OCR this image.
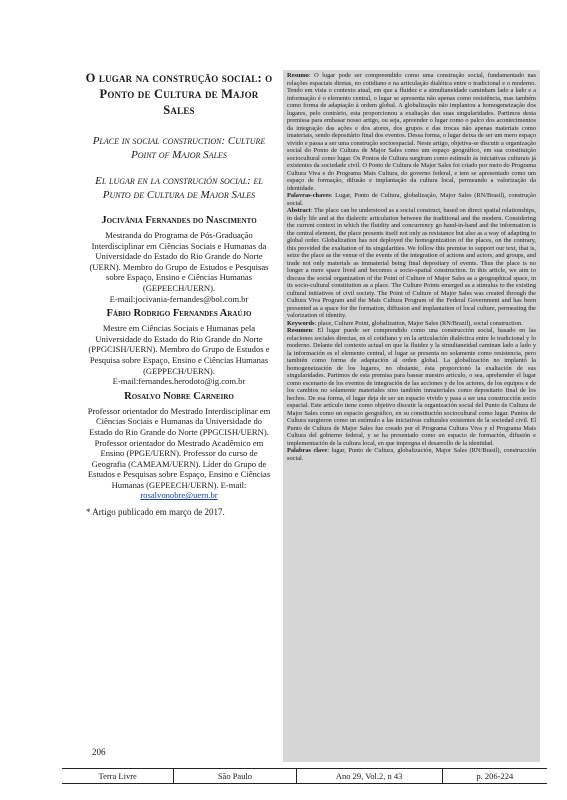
O lugar na construção social: o Ponto de Cultura de Major Sales
Place in social construction: Culture Point of Major Sales
El lugar en la construción social: el Punto de Cultura de Major Sales
Jocivânia Fernandes do Nascimento

Mestranda do Programa de Pós-Graduação Interdisciplinar em Ciências Sociais e Humanas da Universidade do Estado do Rio Grande do Norte (UERN). Membro do Grupo de Estudos e Pesquisas sobre Espaço, Ensino e Ciências Humanas (GEPEECH/UERN).

E-mail:jocivania-fernandes@bol.com.br

Fábio Rodrigo Fernandes Araújo

Mestre em Ciências Sociais e Humanas pela Universidade do Estado do Rio Grande do Norte (PPGCISH/UERN). Membro do Grupo de Estudos e Pesquisa sobre Espaço, Ensino e Ciências Humanas (GEPPECH/UERN).

E-mail:fernandes.herodoto@ig.com.br

Rosalvo Nobre Carneiro

Professor orientador do Mestrado Interdisciplinar em Ciências Sociais e Humanas da Universidade do Estado do Rio Grande do Norte (PPGCISH/UERN). Professor orientador do Mestrado Acadêmico em Ensino (PPGE/UERN). Professor do curso de Geografia (CAMEAM/UERN). Líder do Grupo de Estudos e Pesquisas sobre Espaço, Ensino e Ciências Humanas (GEPEECH/UERN). E-mail:

rosalvonobre@uern.br

* Artigo publicado em março de 2017.

206

Resumo: O lugar pode ser compreendido como uma construção social, fundamentado nas relações espaciais diretas, no cotidiano e na articulação dialética entre o tradicional e o moderno. Tendo em vista o contexto atual, em que a fluidez e a simultaneidade caminham lado a lado e a informação é o elemento central, o lugar se apresenta não apenas como resistência, mas também como forma de adaptação à ordem global. A globalização não implantou a homogeneização dos lugares, pelo contrário, esta proporcionou a exaltação das suas singularidades. Partimos desta premissa para embasar nosso artigo, ou seja, apreender o lugar como o palco dos acontecimentos da integração das ações e dos atores, dos grupos e das trocas não apenas materiais como imateriais, sendo depositário final dos eventos. Dessa forma, o lugar deixa de ser um mero espaço vivido e passa a ser uma construção socioespacial. Neste artigo, objetiva-se discutir a organização social do Ponto de Cultura de Major Sales como um espaço geográfico, em sua constituição sociocultural como lugar. Os Pontos de Cultura surgiram como estímulo às iniciativas culturais já existentes da sociedade civil. O Ponto de Cultura de Major Sales foi criado por meio do Programa Cultura Viva e do Programa Mais Cultura, do governo federal, e tem se apresentado como um espaço de formação, difusão e implantação da cultura local, permeando a valorização da identidade.

Palavras-chaves: Lugar, Ponto de Cultura, globalização, Major Sales (RN/Brasil), construção social.

Abstract: The place can be understood as a social construct, based on direct spatial relationships, in daily life and at the dialectic articulation between the traditional and the modern. Considering the current context in which the fluidity and concurrency go hand-in-hand and the information is the central element, the place presents itself not only as resistance but also as a way of adapting to global order. Globalization has not deployed the homogenization of the places, on the contrary, this provided the exaltation of its singularities. We follow this premise to support our text, that is, seize the place as the venue of the events of the integration of actions and actors, and groups, and trade not only materials as immaterial being final depositary of events. Thus the place is no longer a mere space lived and becomes a socio-spatial construction. In this article, we aim to discuss the social organization of the Point of Culture of Major Sales as a geographical space, in its socio-cultural constitution as a place. The Culture Points emerged as a stimulus to the existing cultural initiatives of civil society. The Point of Culture of Major Sales was created through the Cultura Viva Program and the Mais Cultura Program of the Federal Government and has been presented as a space for the formation, diffusion and implantation of local culture, permeating the valorization of identity.

Keywords: place, Culture Point, globalization, Major Sales (RN/Brazil), social construction.

Resumen: El lugar puede ser comprendido como una construcción social, basado en las relaciones sociales directas, en el cotidiano y en la articulación dialéctica entre lo tradicional y lo moderno. Delante del contexto actual en que la fluidez y la simultaneidad caminan lado a lado y la información es el elemento central, el lugar se presenta no solamente como resistencia, pero también como forma de adaptación al orden global. La globalización no implantó la homogeneización de los lugares, no obstante, ésta proporcionó la exaltación de sus singularidades. Partimos de esta premisa para basear nuestro artículo, o sea, aprehender el lugar como escenario de los eventos de integración de las acciones y de los actores, de los equipos e de los cambios no solamente materiales sino también inmateriales como depositario final de los hechos. De esa forma, el lugar deja de ser un espacio vivido y pasa a ser una construcción socio espacial. Este artículo tiene como objetivo discutir la organización social del Punto de Cultura de Major Sales como un espacio geográfico, en su constitución sociocultural como lugar. Puntos de Cultura surgieron como un estímulo a las iniciativas culturales existentes de la sociedad civil. El Punto de Cultura de Major Sales fue creado por el Programa Cultura Viva y el Programa Mais Cultura del gobierno federal, y se ha presentado como un espacio de formación, difusión e implementación de la cultura local, en que impregna el desarrollo de la identidad.

Palabras clave: lugar, Punto de Cultura, globalización, Major Sales (RN/Brasil), construcción social.

Terra Livre	São Paulo	Ano 29, Vol.2, n 43	p. 206-224
